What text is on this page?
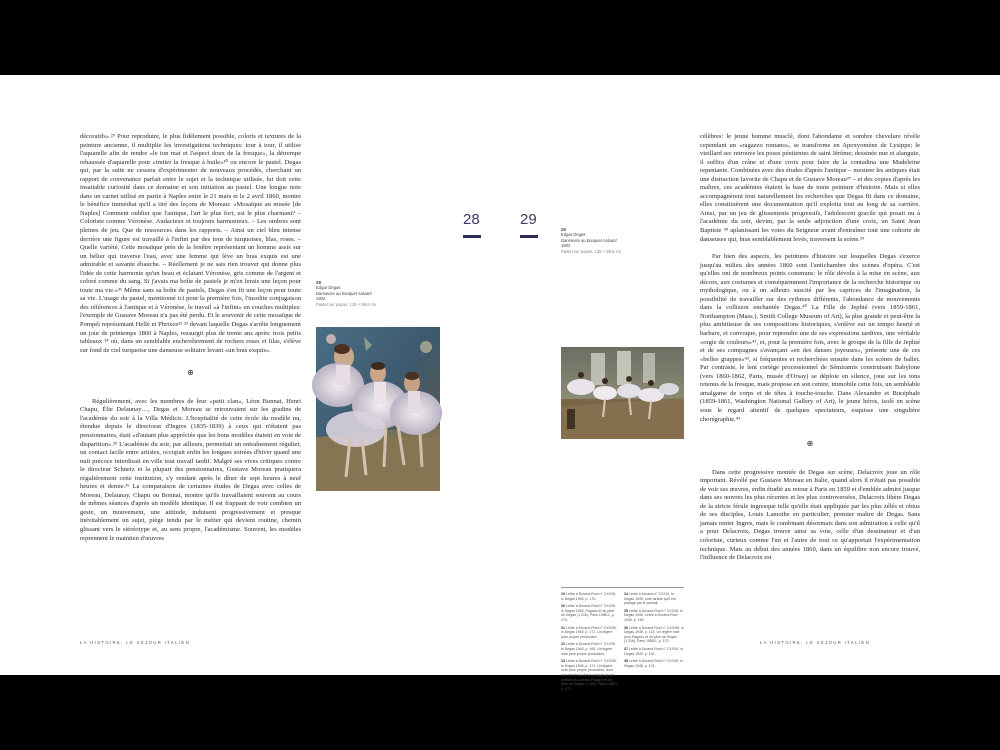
décoratifs».²⁹ Pour reproduire, le plus fidèlement possible, coloris et textures de la peinture ancienne, il multiplie les investigations techniques: tour à tour, il utilise l'aquarelle afin de rendre «le ton mat et l'aspect doux de la fresque», la détrempe rehaussée d'aquarelle pour «imiter la fresque à huile»³⁰ ou encore le pastel. Degas qui, par la suite ne cessera d'expérimenter de nouveaux procédés, cherchant un rapport de convenance parfait entre le sujet et la technique utilisée, lui doit cette insatiable curiosité dans ce domaine et son initiation au pastel. Une longue note dans un carnet utilisé en partie à Naples entre le 21 mars et le 2 avril 1860, montre le bénéfice immédiat qu'il a tiré des leçons de Moreau: «Mosaïque au musée [de Naples] Comment oublier que l'antique, l'art le plus fort, est le plus charmant? – Coloriste comme Véronèse. Audacieux et toujours harmonieux. – Les ombres sont pleines de jeu. Que de ressources dans les rapports. – Ainsi un ciel bleu intense derrière une figure est travaillé à l'infini par des tons de turquoises, lilas, roses. – Quelle variété. Cette mosaïque près de la fenêtre représentant un homme assis sur un bélier qui traverse l'eau, avec une femme qui lève un bras exquis est une admirable et savante ébauche. – Réellement je ne sais rien trouver qui donne plus l'idée de cette harmonie qu'un beau et éclatant Véronèse, gris comme de l'argent et coloré comme du sang. Si j'avais ma boîte de pastels je m'en ferais une leçon pour toute ma vie.»³¹ Même sans sa boîte de pastels, Degas s'en fit une leçon pour toute sa vie. L'usage du pastel, mentionné ici pour la première fois, l'insolite conjugaison des références à l'antique et à Véronèse, le travail «à l'infini» en couches multiples: l'exemple de Gustave Moreau n'a pas été perdu. Et le souvenir de cette mosaïque de Pompéi représentant Hellé et Phrixos³² ³³ devant laquelle Degas s'arrête longuement un jour de printemps 1860 à Naples, ressurgit plus de trente ans après: trois petits tableaux ³⁴ où, dans un semblable enchevêtrement de rochers roses et lilas, s'élève sur fond de ciel turquoise une danseuse solitaire levant «un bras exquis».

⊕

Régulièrement, avec les membres de leur «petit clan», Léon Bonnat, Henri Chapu, Élie Delaunay…, Degas et Moreau se retrouvaient sur les gradins de l'académie du soir à la Villa Médicis. L'hospitalité de cette école du modèle nu, étendue depuis le directorat d'Ingres (1835-1839) à ceux qui n'étaient pas pensionnaires, était «d'autant plus appréciée que les bons modèles étaient en voie de disparition».³⁵ L'académie du soir, par ailleurs, permettait un entraînement régulier, un contact facile entre artistes, occupait enfin les longues soirées d'hiver quand une nuit précoce interdisait en ville tout travail tardif. Malgré ses vives critiques contre le directeur Schnetz et la plupart des pensionnaires, Gustave Moreau pratiquera régulièrement cette institution, s'y rendant après le dîner de sept heures à neuf heures et demie.³⁶ La comparaison de certaines études de Degas avec celles de Moreau, Delaunay, Chapu ou Bonnat, montre qu'ils travaillaient souvent au cours de mêmes séances d'après un modèle identique. Il est frappant de voir combien un geste, un mouvement, une attitude, induisent progressivement et presque inévitablement un sujet, piège tendu par le métier qui devient routine, chemin glissant vers le stéréotype et, au sens propre, l'académisme. Souvent, les modèles reprennent le maintien d'œuvres

28	29
29
Edgar Degas
Danseuse au bouquet saluant
1902
Pastel sur papier, 135 × 98,8 cm
28
Edgar Degas
Danseuse au bouquet saluant
1902
Pastel sur papier, 135 × 98,8 cm
29 Lettre à Durand-Ruel n° CXXXII, in Degas 1945, p. 170.
30 Lettre à Durand-Ruel n° CXXXII, in Degas 1945, Pagano et du père de Degas (1.316). Paris 1988-1, p. 170.
31 Lettre à Durand-Ruel n° CXXXIII, in Degas 1945, p. 171. Un légère pour propre production.
32 Lettre à Durand-Ruel n° CXXXII, in Degas 1945, p. 169. Un légère note pour propre production.
33 Lettre à Durand-Ruel n° CXXXIII, in Degas 1945, p. 171. Un légère note pour propre production, dont non remise qu'il est partagé par le portrait de Lorenzo Pagano et du père de Degas (1.316). Paris 1988-1, p. 170.
34 Lettre à Durand n° CXXXI, in Degas 1945, note tarisse qu'il est partagé par le portrait.
35 Lettre à Durand-Ruel n° CXXXII, in Degas 1945, Lettre à Durand-Ruel 1945, p. 169.
36 Lettre à Durand-Ruel n° CXXXIII, in Degas 1945, p. 101. Un légère note pour Pagano et du père de Degas (1.316). Paris 1988-1, p. 170.
37 Lettre à Durand-Ruel n° CXXXII, in Degas 1945, p. 101.
38 Lettre à Durand-Ruel n° CXXXII, in Degas 1945, p. 101.

célèbres: le jeune homme musclé, dont l'abondante et sombre chevelure révèle cependant un «ragazzo romano», se transforme en Apoxyomène de Lysippe; le vieillard sec retrouve les poses pénitentes de saint Jérôme; dessinée nue et alanguie, il suffira d'un crâne et d'une croix pour faire de la contadina une Madeleine repentante. Combinées avec des études d'après l'antique – mesurer les antiques était une distraction favorite de Chapu et de Gustave Moreau³⁷ – et des copies d'après les maîtres, ces académies étaient la base de toute peinture d'histoire. Mais si elles accompagnèrent tout naturellement les recherches que Degas fit dans ce domaine, elles constituèrent une documentation qu'il exploita tout au long de sa carrière. Ainsi, par un jeu de glissements progressifs, l'adolescent gracile qui posait nu à l'académie du soir, devint, par la seule adjonction d'une croix, un Saint Jean Baptiste ³⁸ aplanissant les voies du Seigneur avant d'entraîner tout une cohorte de danseuses qui, bras semblablement levés, traversent la scène.³⁹

Par bien des aspects, les peintures d'histoire sur lesquelles Degas s'exerce jusqu'au milieu des années 1860 sont l'antichambre des scènes d'opéra. C'est qu'elles ont de nombreux points communs: le rôle dévolu à la mise en scène, aux décors, aux costumes et conséquemment l'importance de la recherche historique ou mythologique, ou à un ailleurs suscité par les caprices de l'imagination, la possibilité de travailler sur des rythmes différents, l'abondance de mouvements dans la collision enchantée Degas.⁴⁰ La Fille de Jephté (vers 1859-1861, Northampton (Mass.), Smith College Museum of Art), la plus grande et peut-être la plus ambitieuse de ses compositions historiques, s'enlève sur un tempo heurté et barbare, et convoque, pour reprendre une de ses expressions tardives, une véritable «orgie de couleurs»⁴¹, et, pour la première fois, avec le groupe de la fille de Jephté et de ses compagnes s'avançant «en des danses joyeuses», présente une de ces «belles grappes»⁴², si fréquentes et recherchées ensuite dans les scènes de ballet. Par contraste, le lent cortège processionnel de Sémiramis construisant Babylone (vers 1860-1862, Paris, musée d'Orsay) se déploie en silence, joue sur les tons retenus de la fresque, mais propose en son centre, immobile cette fois, un semblable amalgame de corps et de têtes à touche-touche. Dans Alexandre et Bucéphale (1859-1861, Washington National Gallery of Art), le jeune héros, isolé en scène sous le regard attentif de quelques spectateurs, esquisse une singulière chorégraphie.⁴³

⊕

Dans cette progressive montée de Degas sur scène, Delacroix joue un rôle important. Révélé par Gustave Moreau en Italie, quand alors il n'était pas possible de voir ses œuvres, enfin étudié au retour à Paris en 1859 et d'emblée admiré jusque dans ses œuvres les plus récentes et les plus controversées, Delacroix libère Degas de la stricte férule ingresque telle qu'elle était appliquée par les plus zélés et obtus de ses disciples, Louis Lamothe en particulier, premier maître de Degas. Sans jamais renier Ingres, mais le combinant désormais dans son admiration à celle qu'il a pour Delacroix, Degas trouve ainsi sa voie, celle d'un dessinateur et d'un coloriste, curieux comme l'un et l'autre de tout ce qu'apportait l'expérimentation technique. Mais au début des années 1860, dans un équilibre non encore trouvé, l'influence de Delacroix est

LA HISTOIRE, LE SÉJOUR ITALIEN	LA HISTOIRE, LE SÉJOUR ITALIEN
